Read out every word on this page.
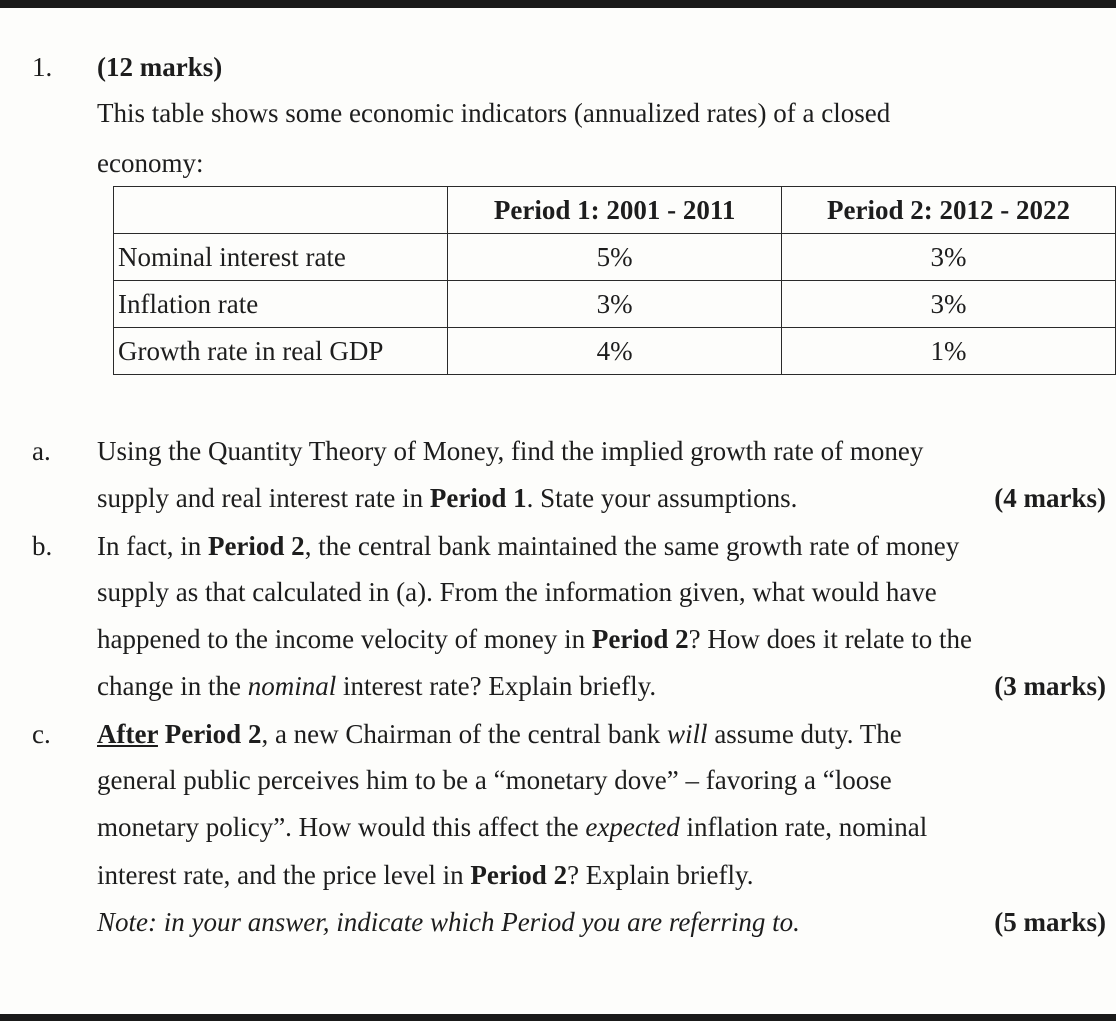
1. (12 marks)
This table shows some economic indicators (annualized rates) of a closed
economy:
	Period 1: 2001 - 2011	Period 2: 2012 - 2022
Nominal interest rate	5%	3%
Inflation rate	3%	3%
Growth rate in real GDP	4%	1%
a. Using the Quantity Theory of Money, find the implied growth rate of money
supply and real interest rate in Period 1. State your assumptions.	(4 marks)
b. In fact, in Period 2, the central bank maintained the same growth rate of money
supply as that calculated in (a). From the information given, what would have
happened to the income velocity of money in Period 2? How does it relate to the
change in the nominal interest rate? Explain briefly.	(3 marks)
c. After Period 2, a new Chairman of the central bank will assume duty. The
general public perceives him to be a “monetary dove” – favoring a “loose
monetary policy”. How would this affect the expected inflation rate, nominal
interest rate, and the price level in Period 2? Explain briefly.
Note: in your answer, indicate which Period you are referring to.	(5 marks)
